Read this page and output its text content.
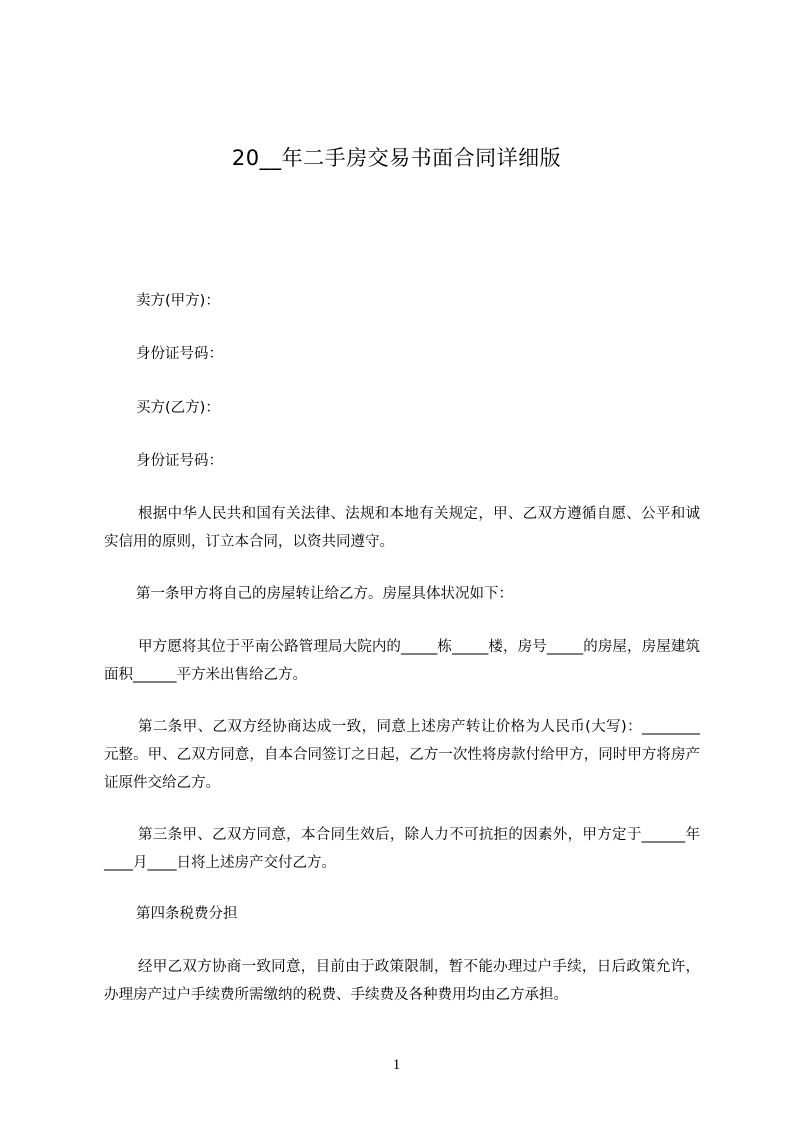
20__年二手房交易书面合同详细版
卖方(甲方)：
身份证号码：
买方(乙方)：
身份证号码：
根据中华人民共和国有关法律、法规和本地有关规定，甲、乙双方遵循自愿、公平和诚实信用的原则，订立本合同，以资共同遵守。
第一条甲方将自己的房屋转让给乙方。房屋具体状况如下：
甲方愿将其位于平南公路管理局大院内的_____栋_____楼，房号_____的房屋，房屋建筑面积______平方米出售给乙方。
第二条甲、乙双方经协商达成一致，同意上述房产转让价格为人民币(大写)：________元整。甲、乙双方同意，自本合同签订之日起，乙方一次性将房款付给甲方，同时甲方将房产证原件交给乙方。
第三条甲、乙双方同意，本合同生效后，除人力不可抗拒的因素外，甲方定于______年____月____日将上述房产交付乙方。
第四条税费分担
经甲乙双方协商一致同意，目前由于政策限制，暂不能办理过户手续，日后政策允许，办理房产过户手续费所需缴纳的税费、手续费及各种费用均由乙方承担。
1
